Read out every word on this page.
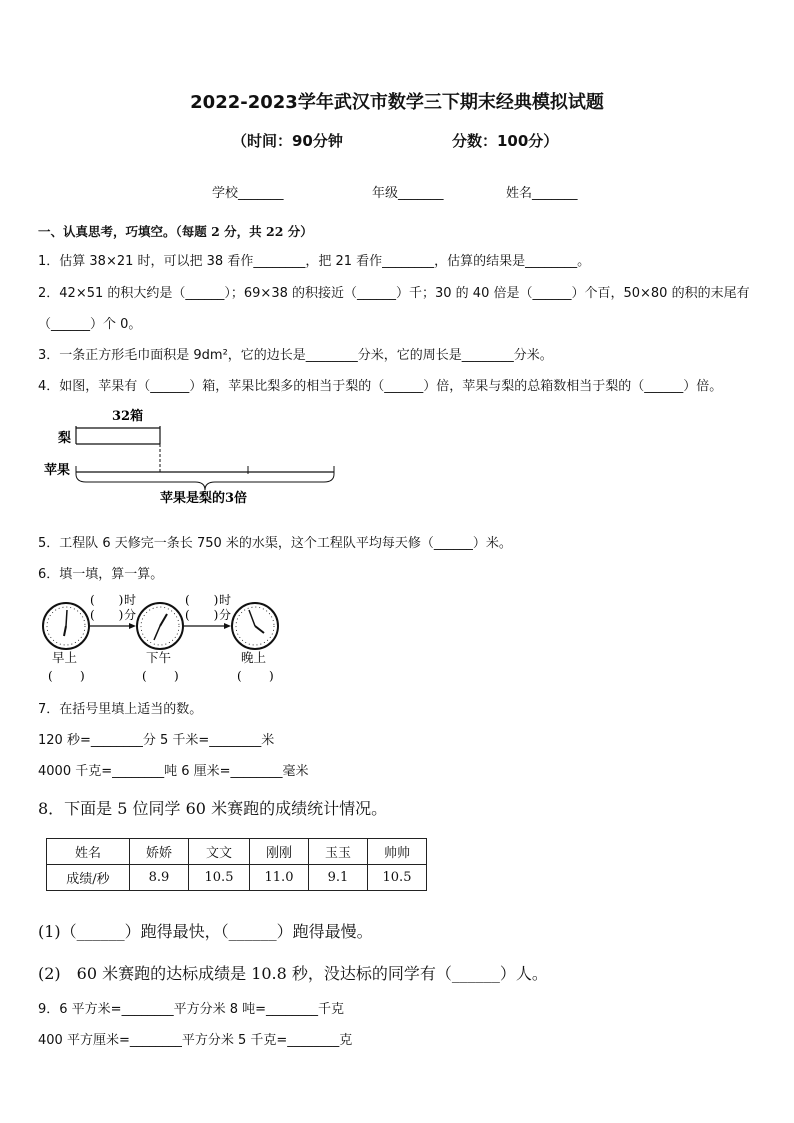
2022-2023学年武汉市数学三下期末经典模拟试题
（时间：90分钟	分数：100分）
学校_______	年级_______	姓名_______
一、认真思考，巧填空。（每题 2 分，共 22 分）
1．估算 38×21 时，可以把 38 看作________，把 21 看作________，估算的结果是________。
2．42×51 的积大约是（______）；69×38 的积接近（______）千；30 的 40 倍是（______）个百，50×80 的积的末尾有
（______）个 0。
3．一条正方形毛巾面积是 9dm²，它的边长是________分米，它的周长是________分米。
4．如图，苹果有（______）箱，苹果比梨多的相当于梨的（______）倍，苹果与梨的总箱数相当于梨的（______）倍。
32箱
梨
苹果
苹果是梨的3倍
5．工程队 6 天修完一条长 750 米的水渠，这个工程队平均每天修（______）米。
6．填一填，算一算。
(　　) 时
(　　) 分
(　　) 时
(　　) 分
早上	下午	晚上
( )	( )	( )
7．在括号里填上适当的数。
120 秒=________分 5 千米=________米
4000 千克=________吨 6 厘米=________毫米
8．下面是 5 位同学 60 米赛跑的成绩统计情况。
姓名	娇娇	文文	刚刚	玉玉	帅帅
成绩/秒	8.9	10.5	11.0	9.1	10.5
(1)（______）跑得最快，（______）跑得最慢。
(2)　60 米赛跑的达标成绩是 10.8 秒，没达标的同学有（______）人。
9．6 平方米=________平方分米 8 吨=________千克
400 平方厘米=________平方分米 5 千克=________克
